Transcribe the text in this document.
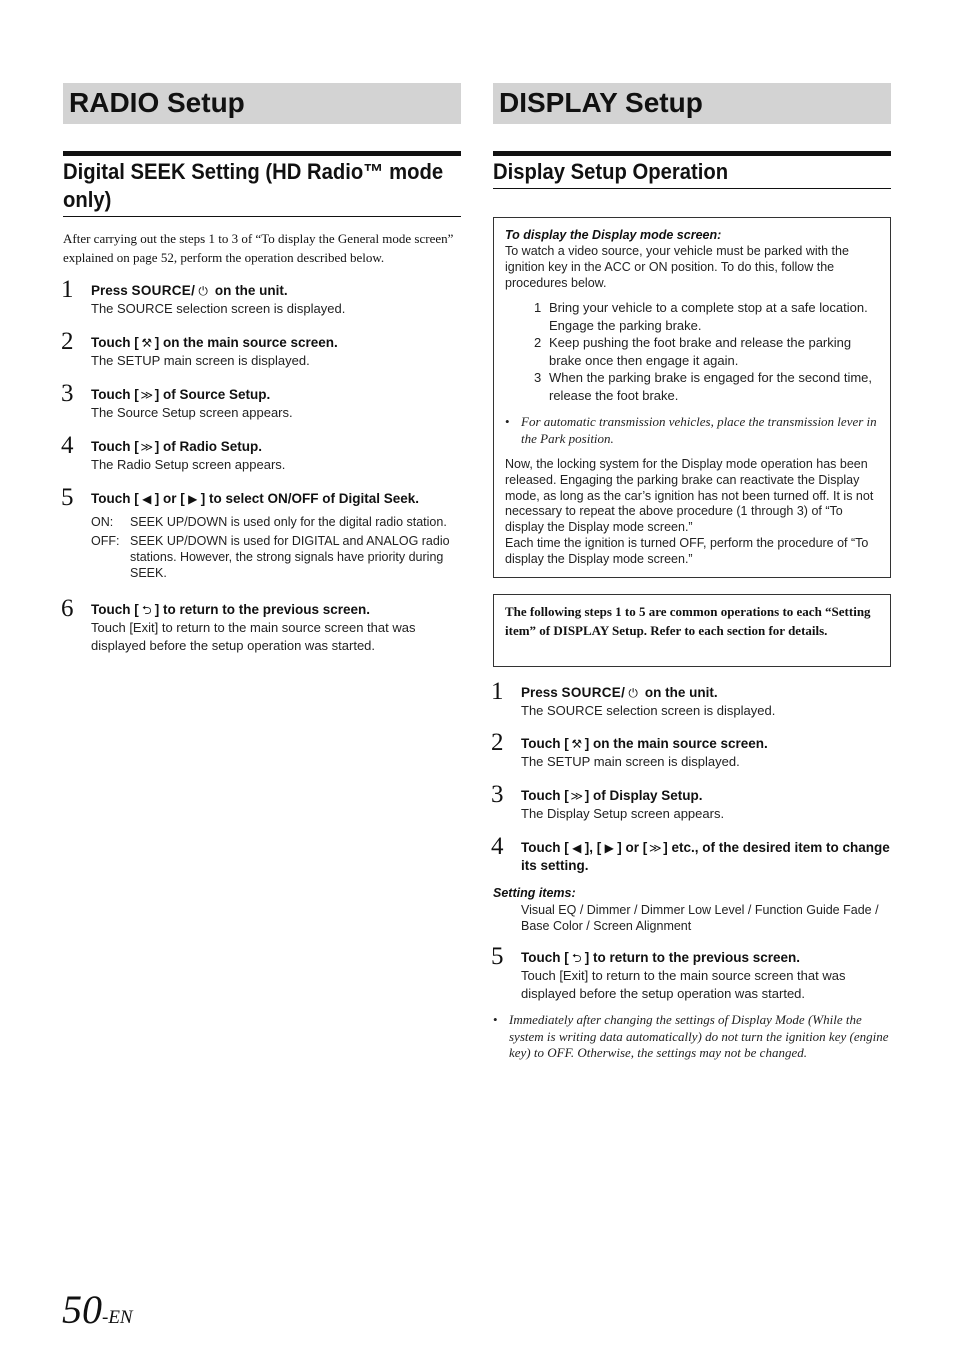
RADIO Setup
Digital SEEK Setting (HD Radio™ mode only)
After carrying out the steps 1 to 3 of “To display the General mode screen” explained on page 52, perform the operation described below.
1 Press SOURCE/ ⏻ on the unit.
The SOURCE selection screen is displayed.
2 Touch [ ⚒ ] on the main source screen.
The SETUP main screen is displayed.
3 Touch [ ≫ ] of Source Setup.
The Source Setup screen appears.
4 Touch [ ≫ ] of Radio Setup.
The Radio Setup screen appears.
5 Touch [ ◀ ] or [ ▶ ] to select ON/OFF of Digital Seek.
ON: SEEK UP/DOWN is used only for the digital radio station.
OFF: SEEK UP/DOWN is used for DIGITAL and ANALOG radio stations. However, the strong signals have priority during SEEK.
6 Touch [ ⮌ ] to return to the previous screen.
Touch [Exit] to return to the main source screen that was displayed before the setup operation was started.
DISPLAY Setup
Display Setup Operation
To display the Display mode screen:
To watch a video source, your vehicle must be parked with the ignition key in the ACC or ON position. To do this, follow the procedures below.
1 Bring your vehicle to a complete stop at a safe location. Engage the parking brake.
2 Keep pushing the foot brake and release the parking brake once then engage it again.
3 When the parking brake is engaged for the second time, release the foot brake.
• For automatic transmission vehicles, place the transmission lever in the Park position.
Now, the locking system for the Display mode operation has been released. Engaging the parking brake can reactivate the Display mode, as long as the car’s ignition has not been turned off. It is not necessary to repeat the above procedure (1 through 3) of “To display the Display mode screen.”
Each time the ignition is turned OFF, perform the procedure of “To display the Display mode screen.”
The following steps 1 to 5 are common operations to each “Setting item” of DISPLAY Setup. Refer to each section for details.
1 Press SOURCE/ ⏻ on the unit.
The SOURCE selection screen is displayed.
2 Touch [ ⚒ ] on the main source screen.
The SETUP main screen is displayed.
3 Touch [ ≫ ] of Display Setup.
The Display Setup screen appears.
4 Touch [ ◀ ], [ ▶ ] or [ ≫ ] etc., of the desired item to change its setting.
Setting items:
Visual EQ / Dimmer / Dimmer Low Level / Function Guide Fade / Base Color / Screen Alignment
5 Touch [ ⮌ ] to return to the previous screen.
Touch [Exit] to return to the main source screen that was displayed before the setup operation was started.
• Immediately after changing the settings of Display Mode (While the system is writing data automatically) do not turn the ignition key (engine key) to OFF. Otherwise, the settings may not be changed.
50-EN
